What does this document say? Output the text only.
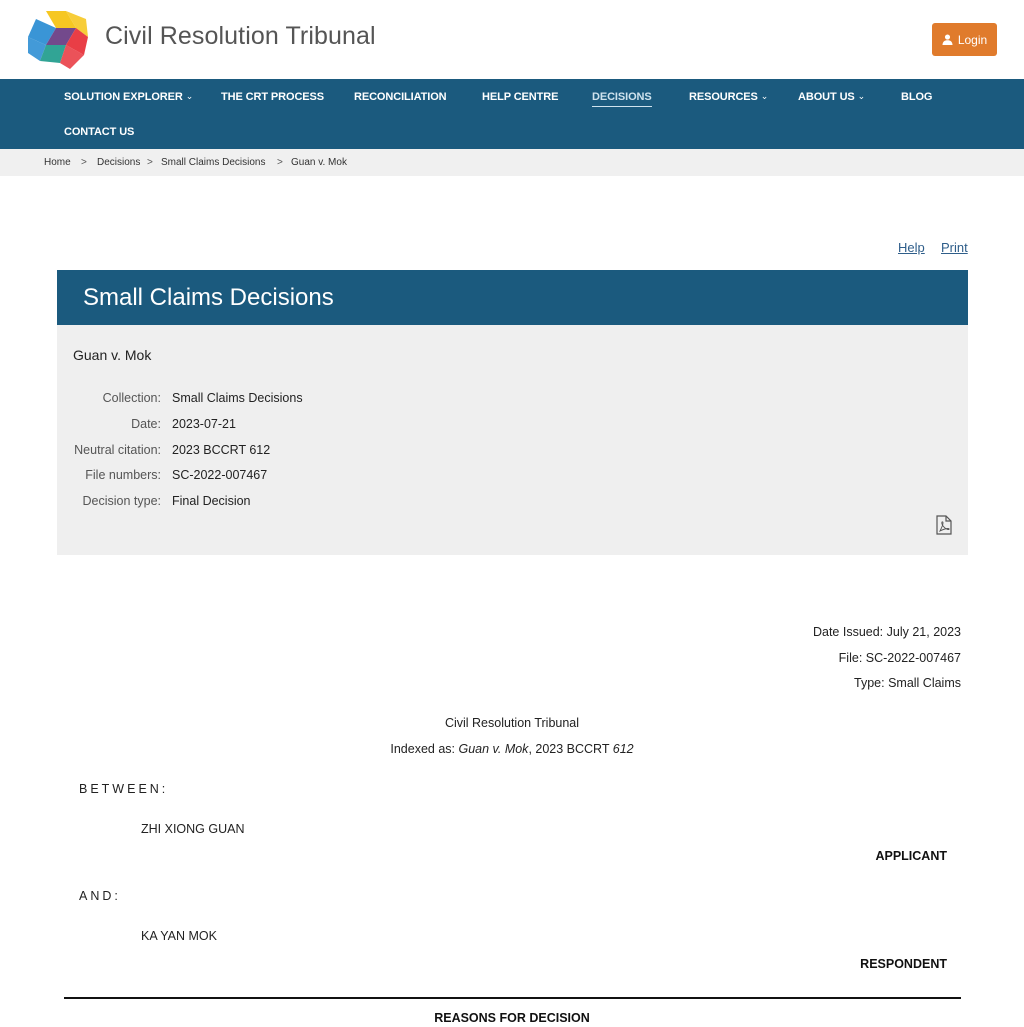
Civil Resolution Tribunal	Login
SOLUTION EXPLORER ⌄	THE CRT PROCESS	RECONCILIATION	HELP CENTRE	DECISIONS	RESOURCES ⌄	ABOUT US ⌄	BLOG
CONTACT US
Home > Decisions > Small Claims Decisions > Guan v. Mok
Help Print
Small Claims Decisions
Guan v. Mok
Collection: Small Claims Decisions
Date: 2023-07-21
Neutral citation: 2023 BCCRT 612
File numbers: SC-2022-007467
Decision type: Final Decision
Date Issued: July 21, 2023
File: SC-2022-007467
Type: Small Claims
Civil Resolution Tribunal
Indexed as: Guan v. Mok, 2023 BCCRT 612
BETWEEN:
ZHI XIONG GUAN
APPLICANT
AND:
KA YAN MOK
RESPONDENT
REASONS FOR DECISION
